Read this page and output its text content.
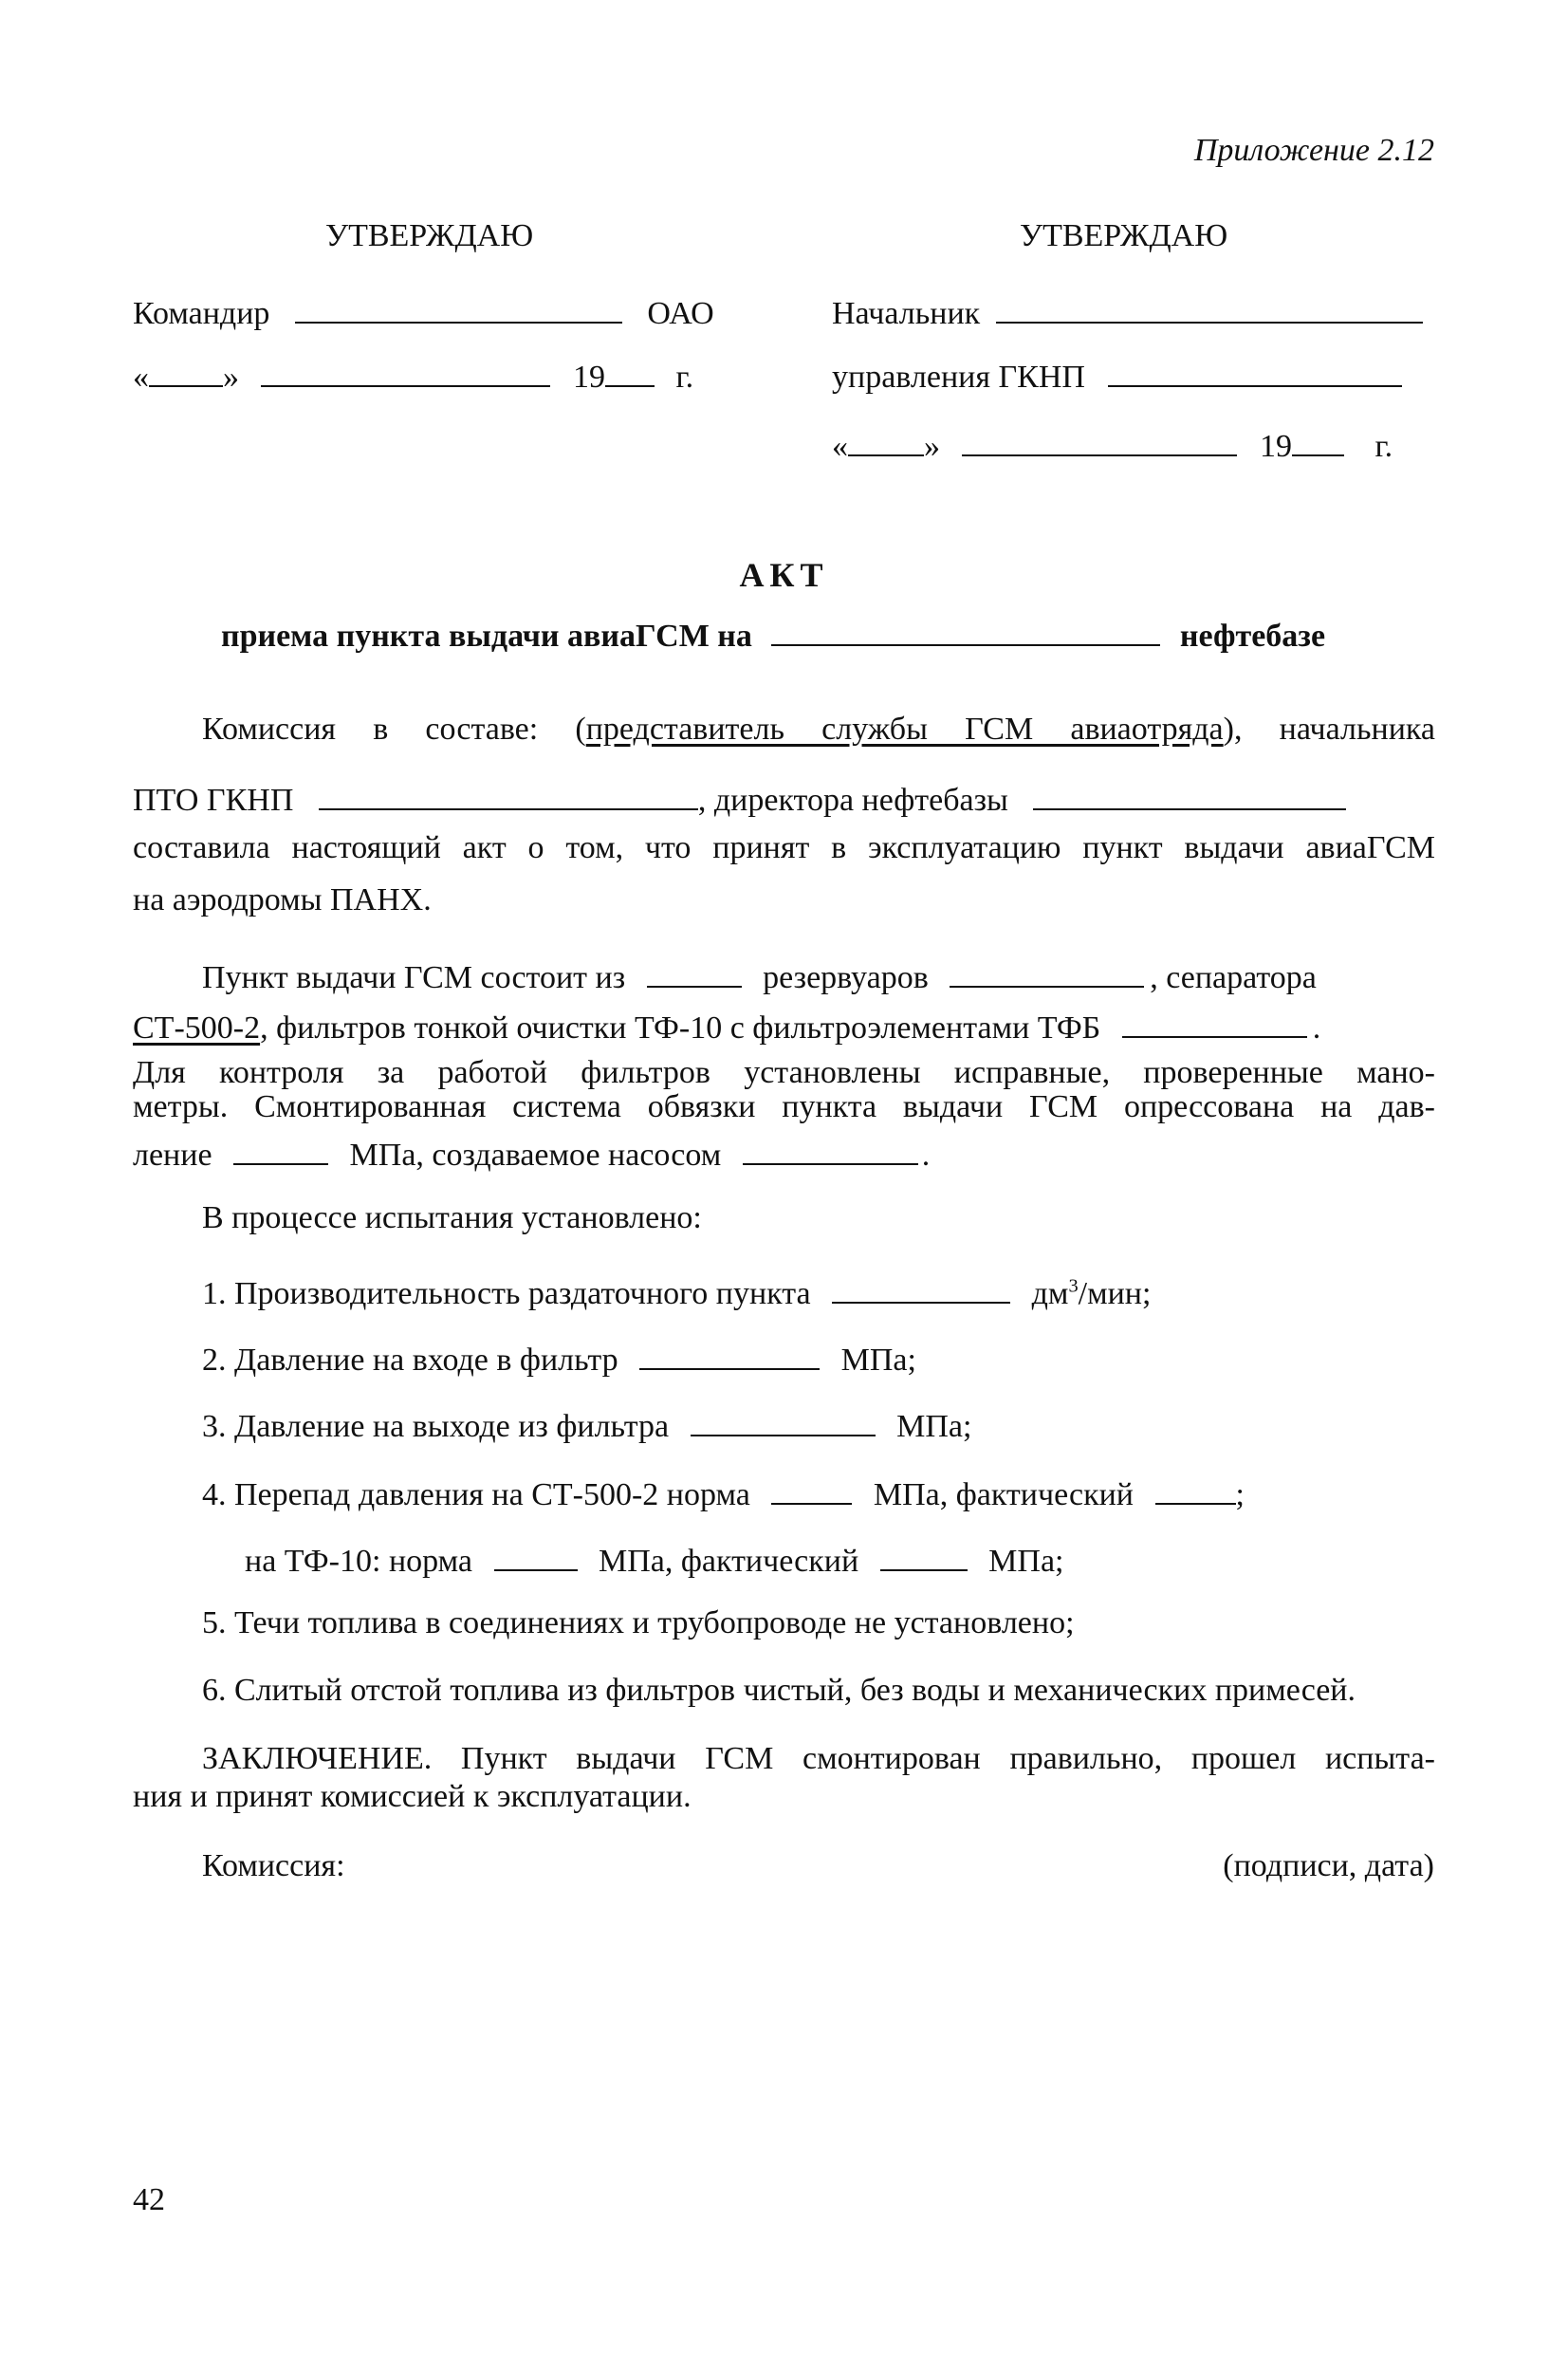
Приложение 2.12
УТВЕРЖДАЮ
Командир	ОАО
« »	19 г.
УТВЕРЖДАЮ
Начальник
управления ГКНП
« »	19	г.
АКТ
приема пункта выдачи авиаГСМ на	нефтебазе
Комиссия в составе: (представитель службы ГСМ авиаотряда), начальника
ПТО ГКНП	, директора нефтебазы
составила настоящий акт о том, что принят в эксплуатацию пункт выдачи авиаГСМ
на аэродромы ПАНХ.
Пункт выдачи ГСМ состоит из	резервуаров	, сепаратора
СТ-500-2, фильтров тонкой очистки ТФ-10 с фильтроэлементами ТФБ	.
Для контроля за работой фильтров установлены исправные, проверенные мано-
метры. Смонтированная система обвязки пункта выдачи ГСМ опрессована на дав-
ление	МПа, создаваемое насосом	.
В процессе испытания установлено:
1. Производительность раздаточного пункта	$дм^3$/мин;
2. Давление на входе в фильтр	МПа;
3. Давление на выходе из фильтра	МПа;
4. Перепад давления на СТ-500-2 норма	МПа, фактический	;
на ТФ-10: норма	МПа, фактический	МПа;
5. Течи топлива в соединениях и трубопроводе не установлено;
6. Слитый отстой топлива из фильтров чистый, без воды и механических примесей.
ЗАКЛЮЧЕНИЕ. Пункт выдачи ГСМ смонтирован правильно, прошел испыта-
ния и принят комиссией к эксплуатации.
Комиссия:	(подписи, дата)
42
